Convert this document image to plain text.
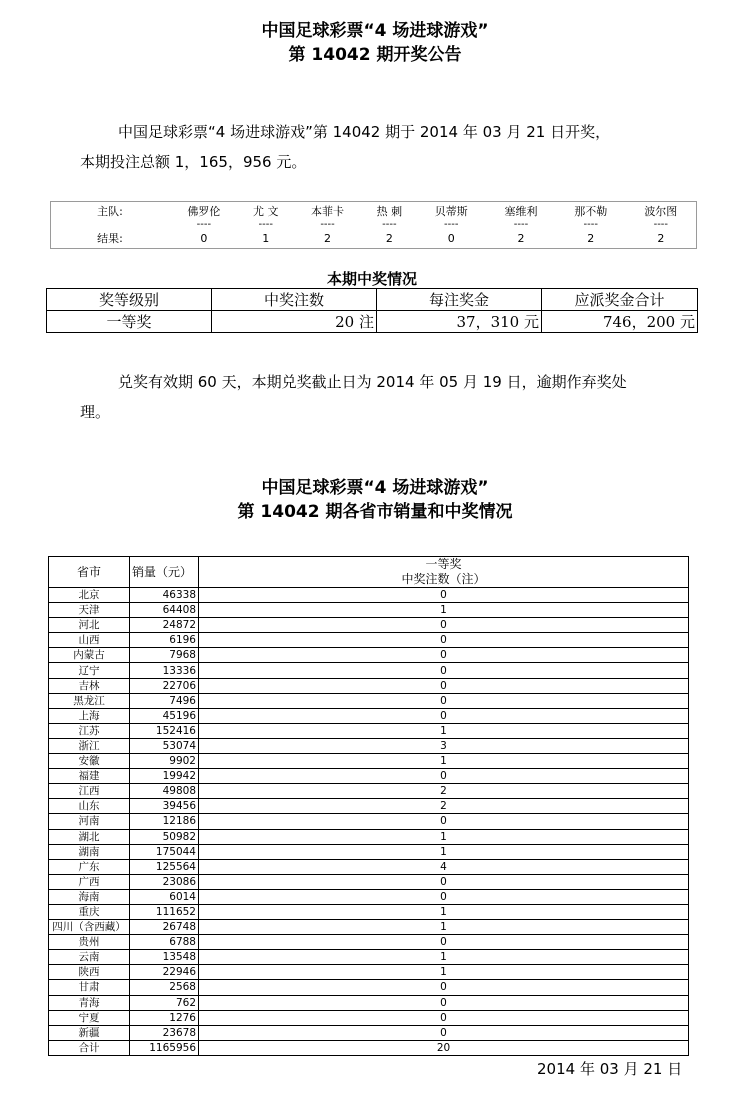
中国足球彩票“4 场进球游戏”
第 14042 期开奖公告
中国足球彩票“4 场进球游戏”第 14042 期于 2014 年 03 月 21 日开奖，
本期投注总额 1，165，956 元。
主队:	佛罗伦	尤 文	本菲卡	热 刺	贝蒂斯	塞维利	那不勒	波尔图
	----	----	----	----	----	----	----	----
结果:	0	1	2	2	0	2	2	2
本期中奖情况
奖等级别	中奖注数	每注奖金	应派奖金合计
一等奖	20 注	37，310 元	746，200 元
兑奖有效期 60 天，本期兑奖截止日为 2014 年 05 月 19 日，逾期作弃奖处
理。
中国足球彩票“4 场进球游戏”
第 14042 期各省市销量和中奖情况
省市	销量（元）	一等奖
		中奖注数（注）
北京	46338	0
天津	64408	1
河北	24872	0
山西	6196	0
内蒙古	7968	0
辽宁	13336	0
吉林	22706	0
黑龙江	7496	0
上海	45196	0
江苏	152416	1
浙江	53074	3
安徽	9902	1
福建	19942	0
江西	49808	2
山东	39456	2
河南	12186	0
湖北	50982	1
湖南	175044	1
广东	125564	4
广西	23086	0
海南	6014	0
重庆	111652	1
四川（含西藏）	26748	1
贵州	6788	0
云南	13548	1
陕西	22946	1
甘肃	2568	0
青海	762	0
宁夏	1276	0
新疆	23678	0
合计	1165956	20
2014 年 03 月 21 日
